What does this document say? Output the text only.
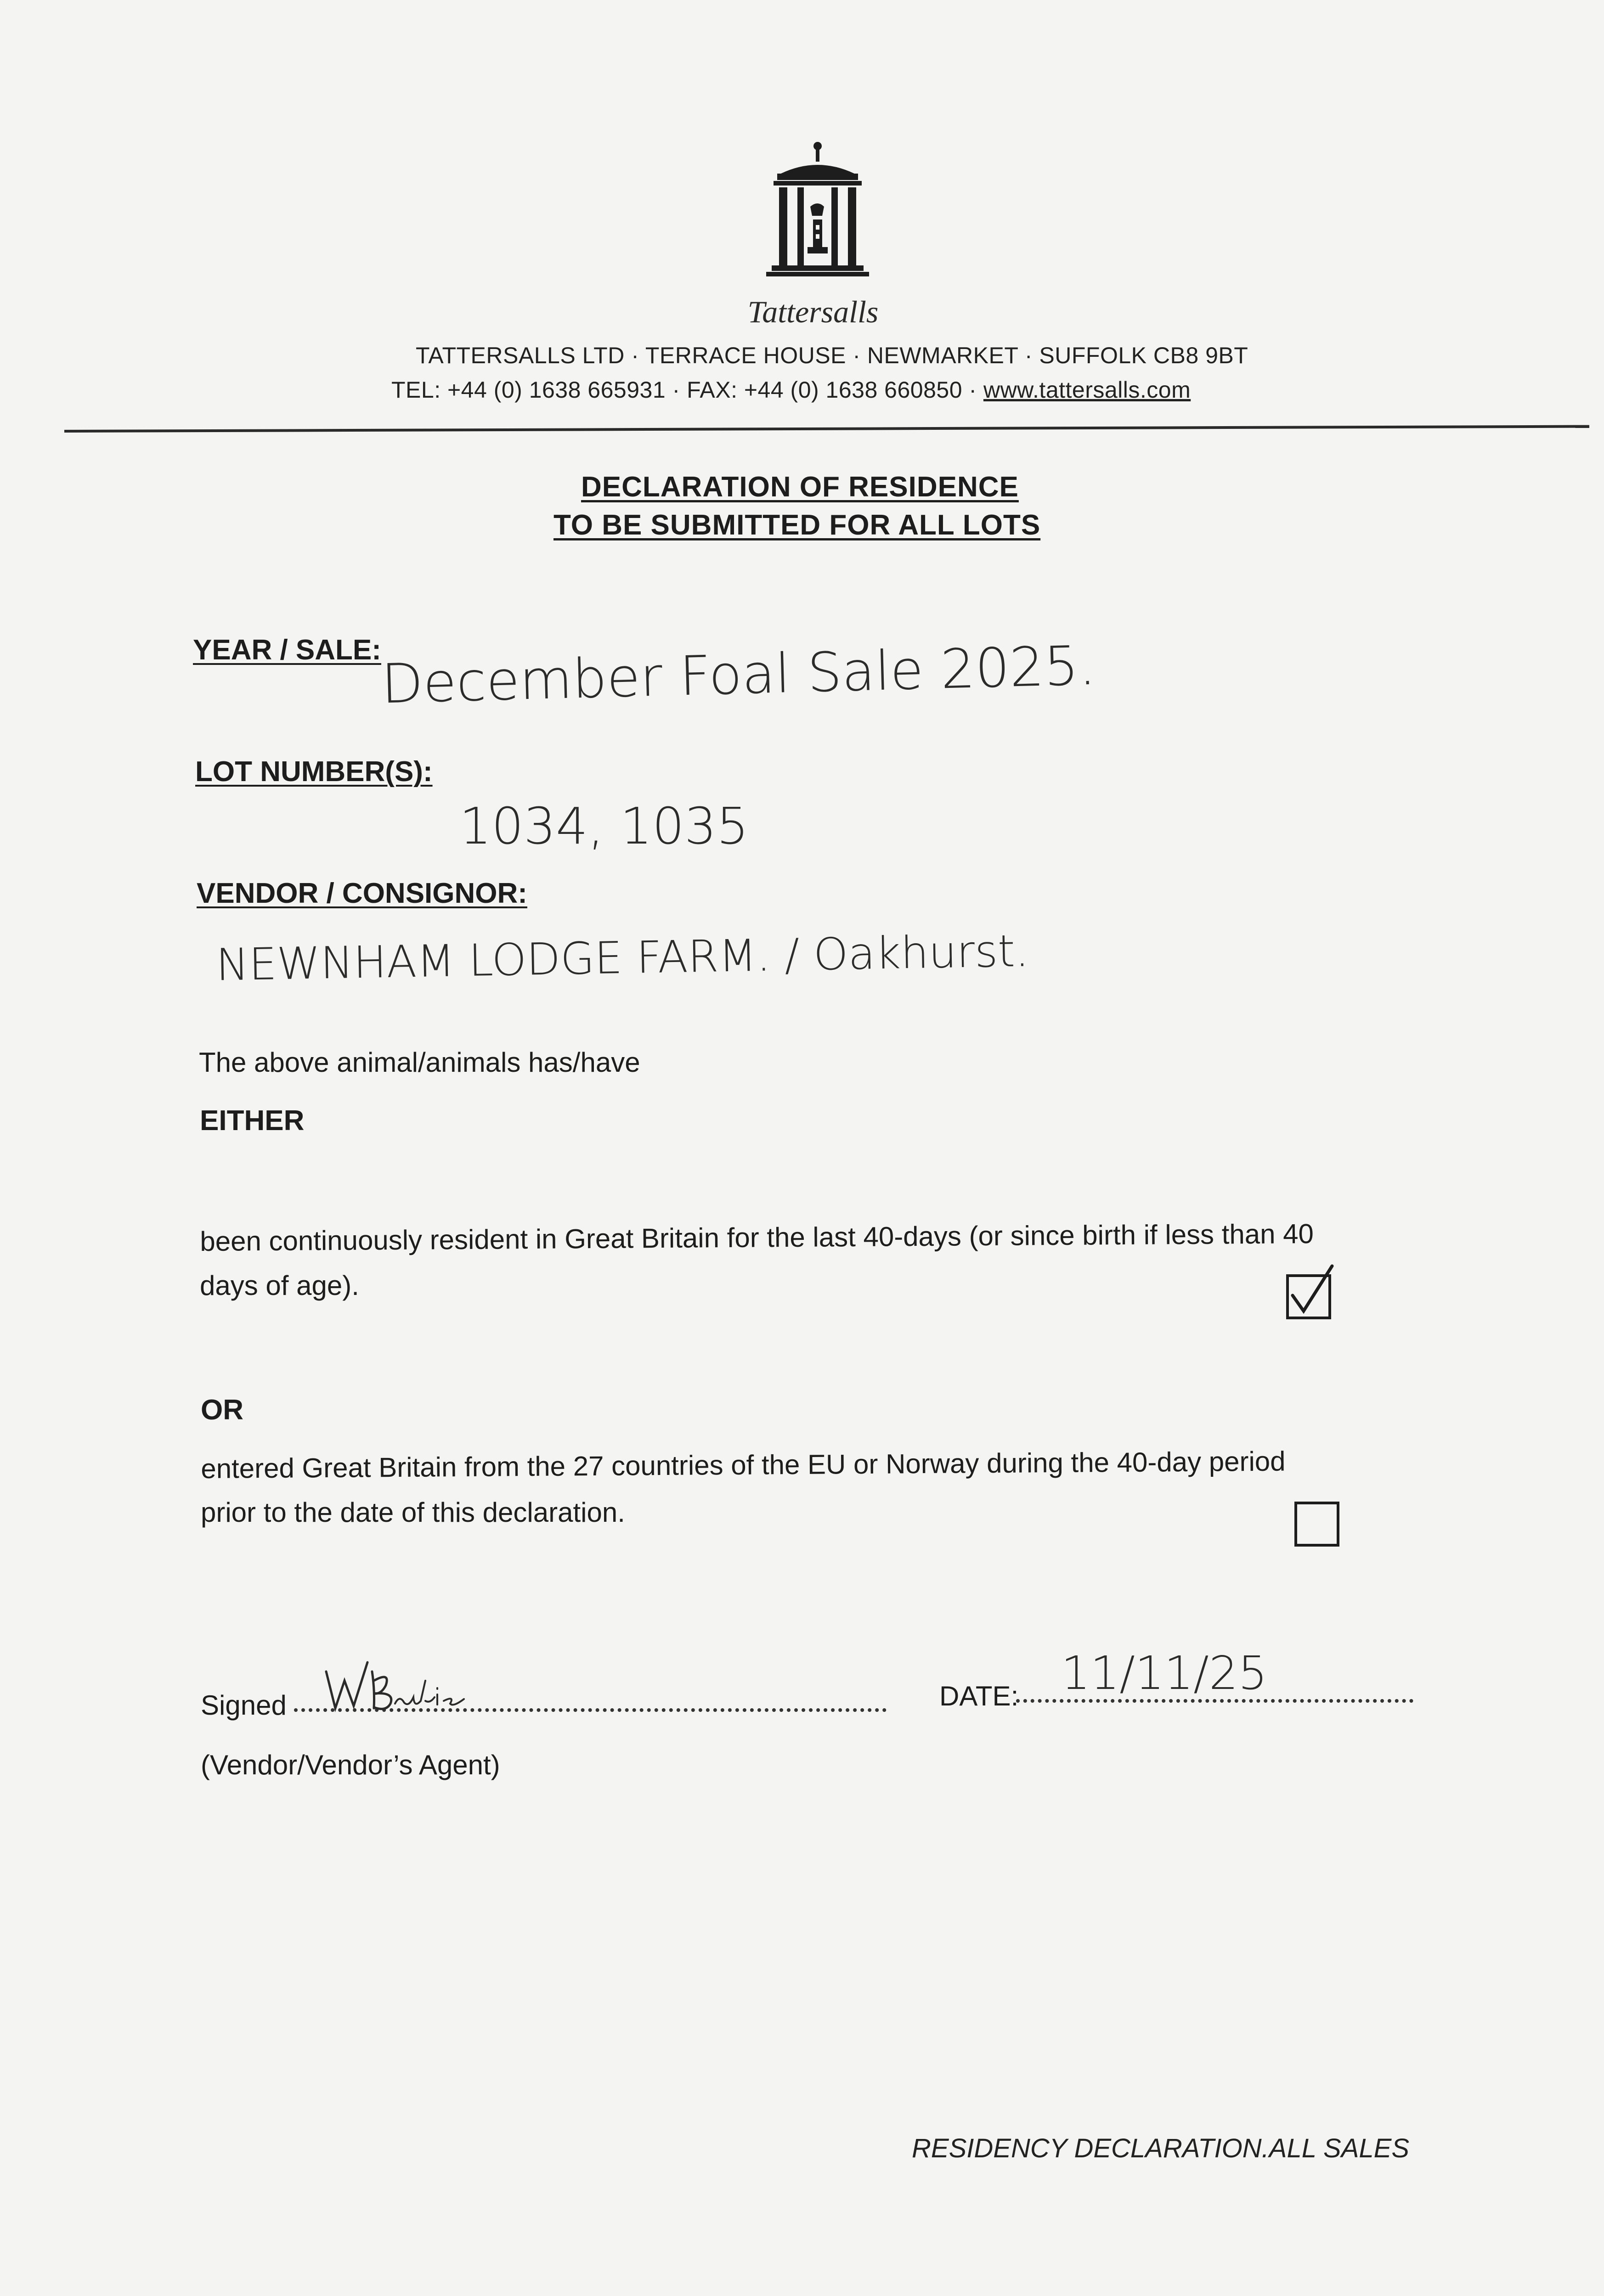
Tattersalls
TATTERSALLS LTD · TERRACE HOUSE · NEWMARKET · SUFFOLK CB8 9BT
TEL: +44 (0) 1638 665931 · FAX: +44 (0) 1638 660850 · www.tattersalls.com
DECLARATION OF RESIDENCE
TO BE SUBMITTED FOR ALL LOTS
YEAR / SALE:
December Foal Sale 2025.
LOT NUMBER(S):
1034, 1035
VENDOR / CONSIGNOR:
NEWNHAM LODGE FARM. / Oakhurst.
The above animal/animals has/have
EITHER
been continuously resident in Great Britain for the last 40-days (or since birth if less than 40
days of age).
OR
entered Great Britain from the 27 countries of the EU or Norway during the 40-day period
prior to the date of this declaration.
Signed	DATE: 11/11/25
(Vendor/Vendor’s Agent)
RESIDENCY DECLARATION.ALL SALES
